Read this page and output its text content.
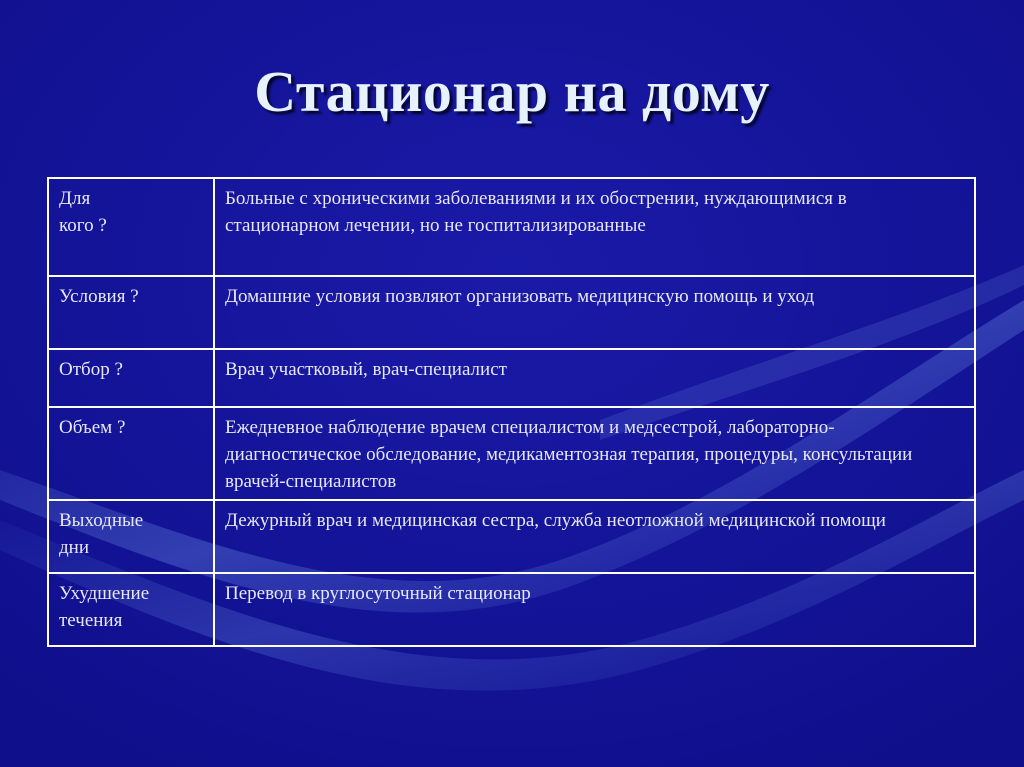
Стационар на дому
Для
кого ?	Больные с хроническими заболеваниями и их обострении, нуждающимися в стационарном лечении, но не госпитализированные
Условия ?	Домашние условия позвляют организовать медицинскую помощь и уход
Отбор ?	Врач участковый, врач-специалист
Объем ?	Ежедневное наблюдение врачем специалистом и медсестрой, лабораторно-диагностическое обследование, медикаментозная терапия, процедуры, консультации врачей-специалистов
Выходные
дни	Дежурный врач и медицинская сестра, служба неотложной медицинской помощи
Ухудшение течения	Перевод в круглосуточный стационар
